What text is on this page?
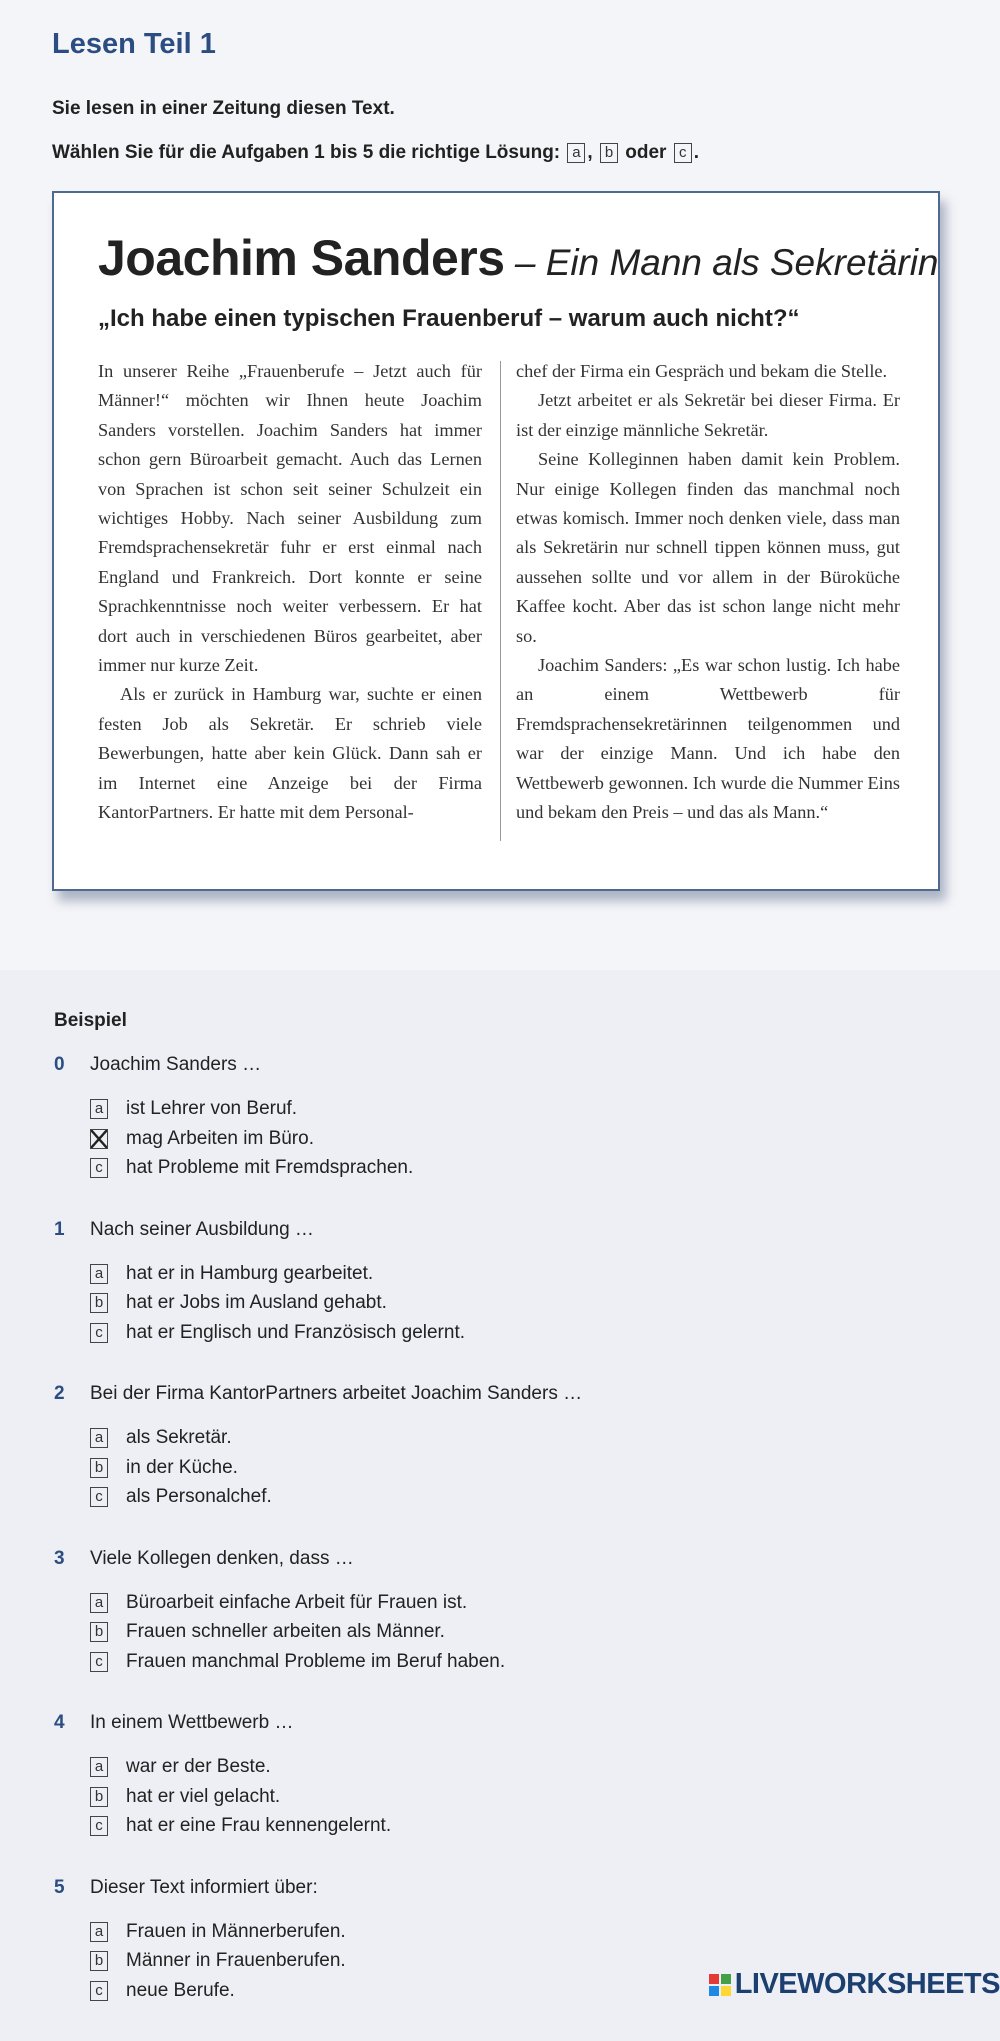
Lesen Teil 1
Sie lesen in einer Zeitung diesen Text.
Wählen Sie für die Aufgaben 1 bis 5 die richtige Lösung: a , b oder c .
Joachim Sanders – Ein Mann als Sekretärin
„Ich habe einen typischen Frauenberuf – warum auch nicht?“

In unserer Reihe „Frauenberufe – Jetzt auch für Männer!“ möchten wir Ihnen heute Joachim Sanders vorstellen. Joachim Sanders hat immer schon gern Büroarbeit gemacht. Auch das Lernen von Sprachen ist schon seit seiner Schulzeit ein wichtiges Hobby. Nach seiner Ausbildung zum Fremdsprachensekretär fuhr er erst einmal nach England und Frankreich. Dort konnte er seine Sprachkenntnisse noch weiter verbessern. Er hat dort auch in verschiedenen Büros gearbeitet, aber immer nur kurze Zeit.

Als er zurück in Hamburg war, suchte er einen festen Job als Sekretär. Er schrieb viele Bewerbungen, hatte aber kein Glück. Dann sah er im Internet eine Anzeige bei der Firma KantorPartners. Er hatte mit dem Personal-

chef der Firma ein Gespräch und bekam die Stelle.

Jetzt arbeitet er als Sekretär bei dieser Firma. Er ist der einzige männliche Sekretär.

Seine Kolleginnen haben damit kein Problem. Nur einige Kollegen finden das manchmal noch etwas komisch. Immer noch denken viele, dass man als Sekretärin nur schnell tippen können muss, gut aussehen sollte und vor allem in der Büroküche Kaffee kocht. Aber das ist schon lange nicht mehr so.

Joachim Sanders: „Es war schon lustig. Ich habe an einem Wettbewerb für Fremdsprachensekretärinnen teilgenommen und war der einzige Mann. Und ich habe den Wettbewerb gewonnen. Ich wurde die Nummer Eins und bekam den Preis – und das als Mann.“

Beispiel
0 Joachim Sanders …
a ist Lehrer von Beruf.
mag Arbeiten im Büro.
c hat Probleme mit Fremdsprachen.
1 Nach seiner Ausbildung …
a hat er in Hamburg gearbeitet.
b hat er Jobs im Ausland gehabt.
c hat er Englisch und Französisch gelernt.
2 Bei der Firma KantorPartners arbeitet Joachim Sanders …
a als Sekretär.
b in der Küche.
c als Personalchef.
3 Viele Kollegen denken, dass …
a Büroarbeit einfache Arbeit für Frauen ist.
b Frauen schneller arbeiten als Männer.
c Frauen manchmal Probleme im Beruf haben.
4 In einem Wettbewerb …
a war er der Beste.
b hat er viel gelacht.
c hat er eine Frau kennengelernt.
5 Dieser Text informiert über:
a Frauen in Männerberufen.
b Männer in Frauenberufen.
c neue Berufe.	LIVEWORKSHEETS
